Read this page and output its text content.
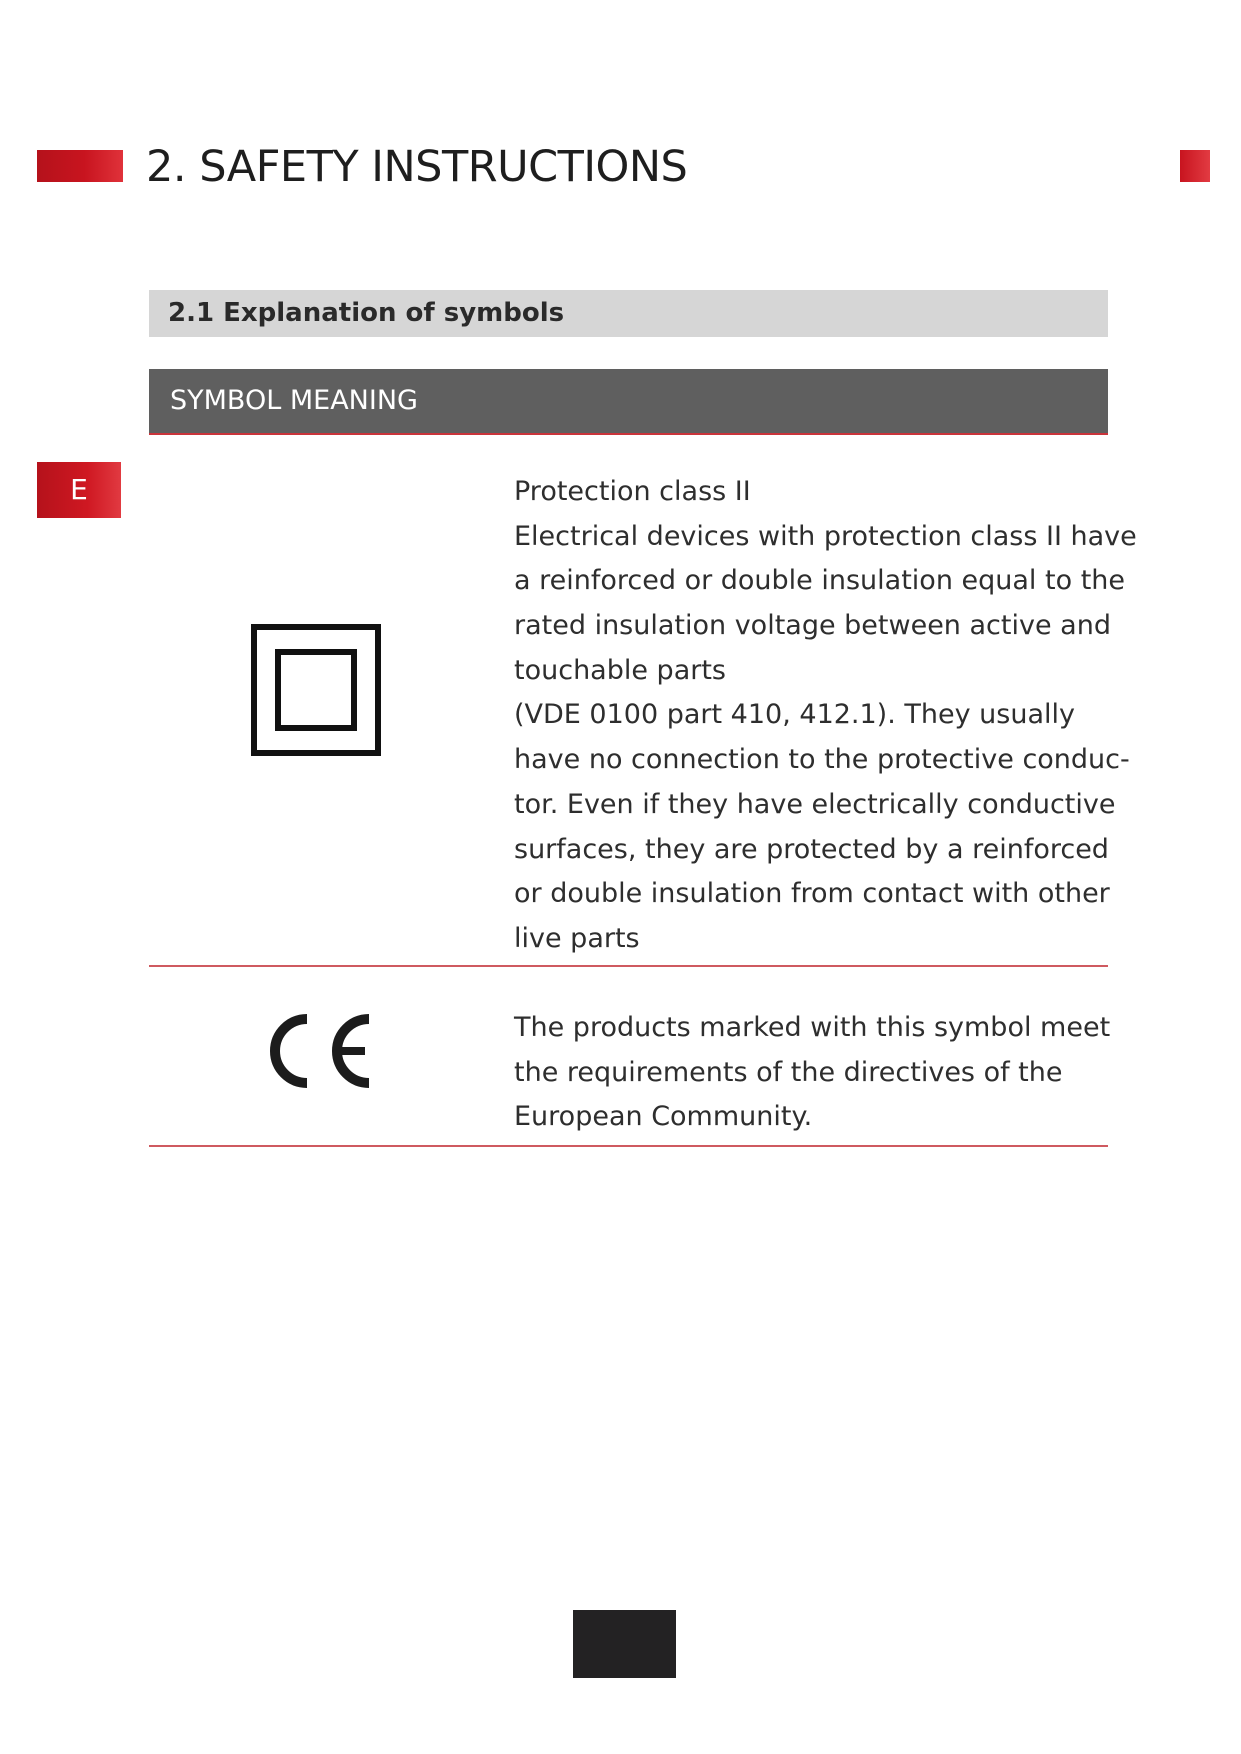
2. SAFETY INSTRUCTIONS
E
2.1 Explanation of symbols
SYMBOL MEANING
Protection class II
Electrical devices with protection class II have
a reinforced or double insulation equal to the
rated insulation voltage between active and
touchable parts
(VDE 0100 part 410, 412.1). They usually
have no connection to the protective conduc-
tor. Even if they have electrically conductive
surfaces, they are protected by a reinforced
or double insulation from contact with other
live parts
The products marked with this symbol meet
the requirements of the directives of the
European Community.
